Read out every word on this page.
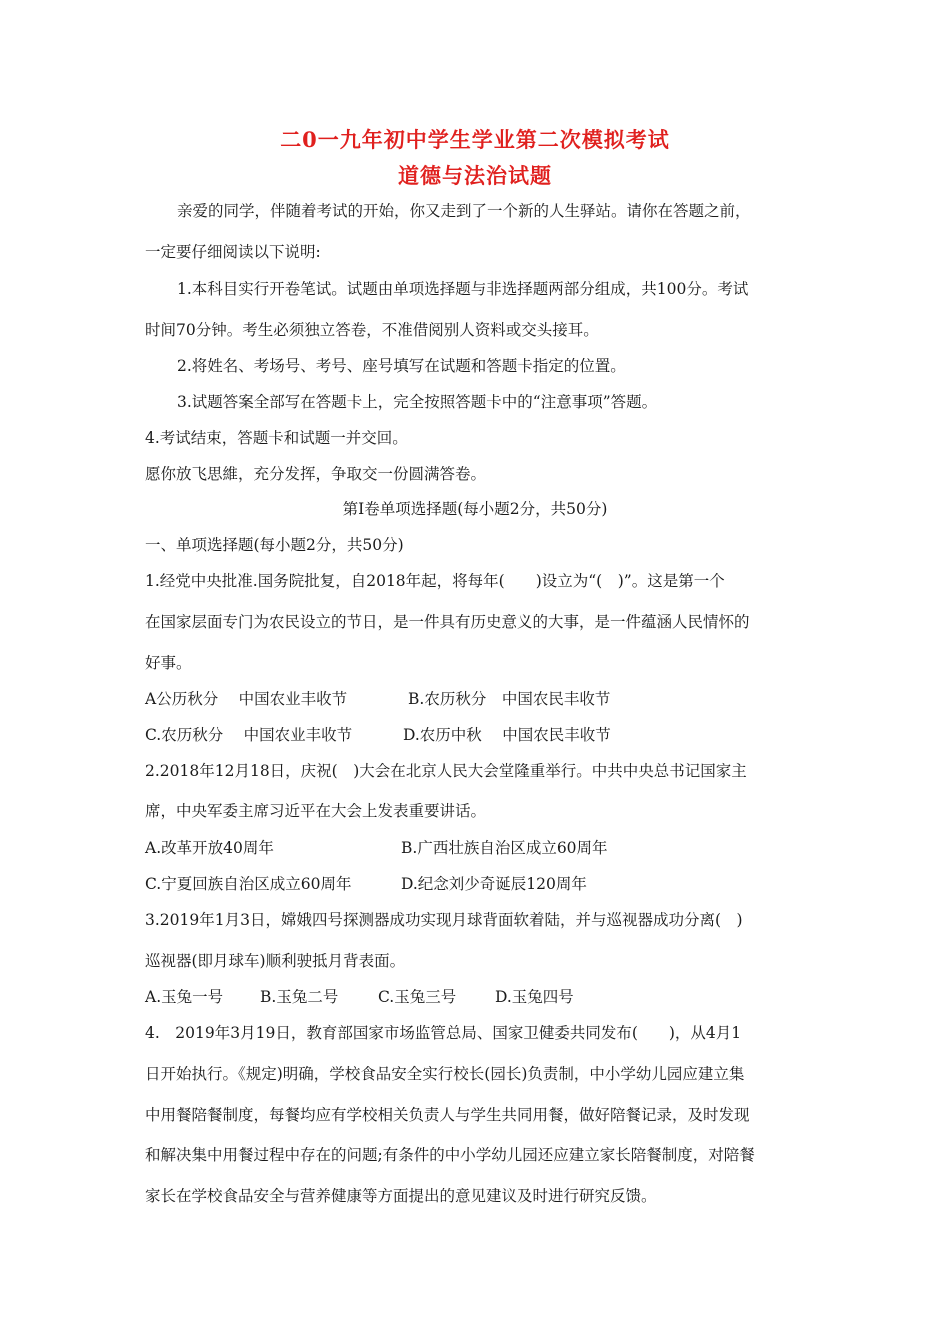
二0一九年初中学生学业第二次模拟考试
道德与法治试题
亲爱的同学，伴随着考试的开始，你又走到了一个新的人生驿站。请你在答题之前，
一定要仔细阅读以下说明:
1.本科目实行开卷笔试。试题由单项选择题与非选择题两部分组成，共100分。考试
时间70分钟。考生必须独立答卷，不准借阅别人资料或交头接耳。
2.将姓名、考场号、考号、座号填写在试题和答题卡指定的位置。
3.试题答案全部写在答题卡上，完全按照答题卡中的“注意事项”答题。
4.考试结束，答题卡和试题一并交回。
愿你放飞思維，充分发挥，争取交一份圆满答卷。
第Ⅰ卷单项选择题(每小题2分，共50分)
一、单项选择题(每小题2分，共50分)
1.经党中央批准.国务院批复，自2018年起，将每年(　　)设立为“(　)”。这是第一个
在国家层面专门为农民设立的节日，是一件具有历史意义的大事，是一件蕴涵人民情怀的
好事。
A公历秋分　 中国农业丰收节	B.农历秋分　中国农民丰收节
C.农历秋分　 中国农业丰收节	D.农历中秋　 中国农民丰收节
2.2018年12月18日，庆祝(　)大会在北京人民大会堂隆重举行。中共中央总书记国家主
席，中央军委主席习近平在大会上发表重要讲话。
A.改革开放40周年	B.广西壮族自治区成立60周年
C.宁夏回族自治区成立60周年	D.纪念刘少奇诞辰120周年
3.2019年1月3日，嫦娥四号探测器成功实现月球背面软着陆，并与巡视器成功分离(　)
巡视器(即月球车)顺利驶抵月背表面。
A.玉兔一号 B.玉兔二号	C.玉兔三号	D.玉兔四号
4.　2019年3月19日，教育部国家市场监管总局、国家卫健委共同发布(　　)，从4月1
日开始执行。《规定)明确，学校食品安全实行校长(园长)负责制，中小学幼儿园应建立集
中用餐陪餐制度，每餐均应有学校相关负责人与学生共同用餐，做好陪餐记录，及时发现
和解决集中用餐过程中存在的问题;有条件的中小学幼儿园还应建立家长陪餐制度，对陪餐
家长在学校食品安全与营养健康等方面提出的意见建议及时进行研究反馈。
